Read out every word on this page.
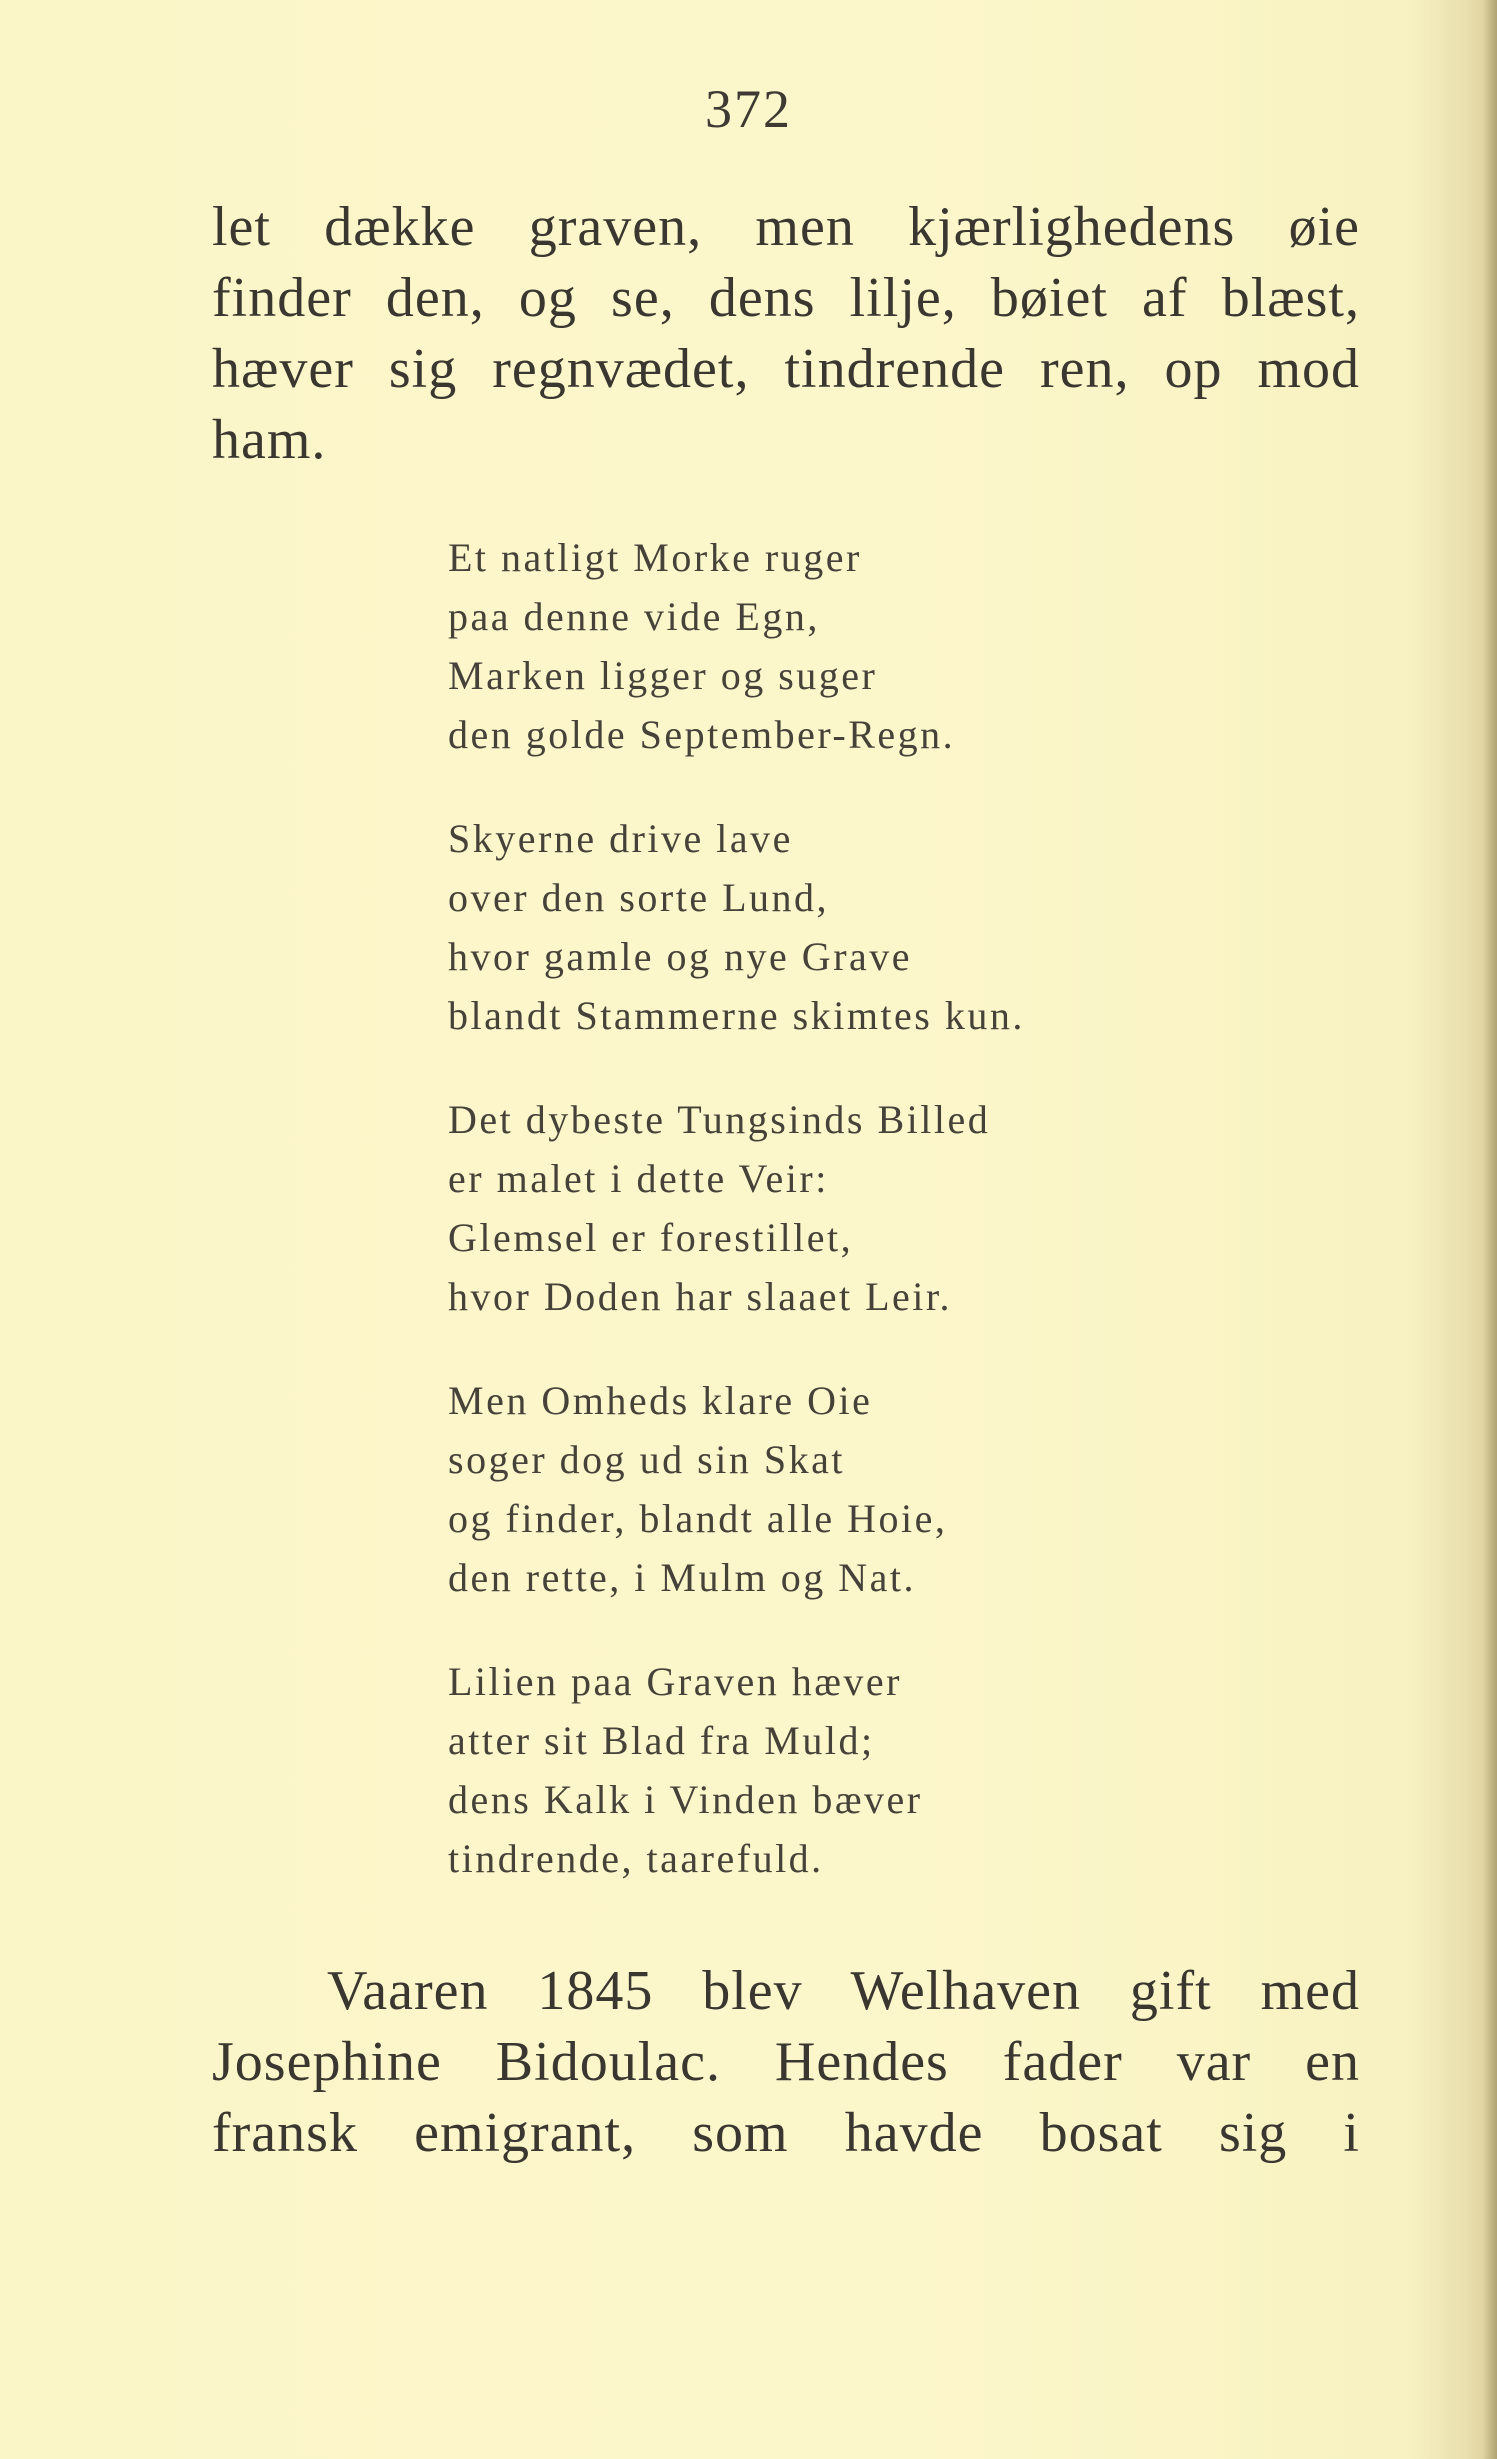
372
let dække graven, men kjærlighedens øie
finder den, og se, dens lilje, bøiet af blæst,
hæver sig regnvædet, tindrende ren, op mod
ham.
Et natligt Morke ruger
paa denne vide Egn,
Marken ligger og suger
den golde September-Regn.
Skyerne drive lave
over den sorte Lund,
hvor gamle og nye Grave
blandt Stammerne skimtes kun.
Det dybeste Tungsinds Billed
er malet i dette Veir:
Glemsel er forestillet,
hvor Doden har slaaet Leir.
Men Omheds klare Oie
soger dog ud sin Skat
og finder, blandt alle Hoie,
den rette, i Mulm og Nat.
Lilien paa Graven hæver
atter sit Blad fra Muld;
dens Kalk i Vinden bæver
tindrende, taarefuld.
Vaaren 1845 blev Welhaven gift med
Josephine Bidoulac. Hendes fader var en
fransk emigrant, som havde bosat sig i
